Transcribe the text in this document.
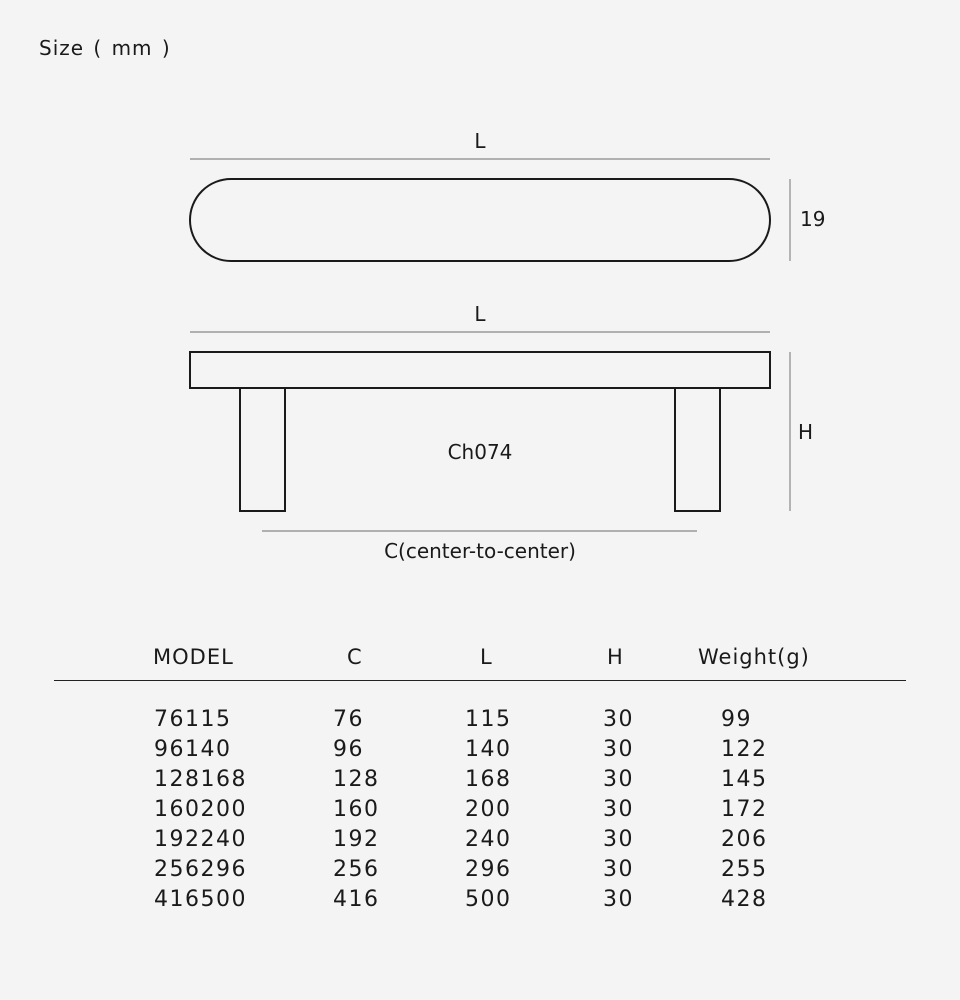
Size ( mm )
L
19
L
H
Ch074
C(center-to-center)
MODEL	C	L	H	Weight(g)
76115	76	115	30	99
96140	96	140	30	122
128168	128	168	30	145
160200	160	200	30	172
192240	192	240	30	206
256296	256	296	30	255
416500	416	500	30	428
